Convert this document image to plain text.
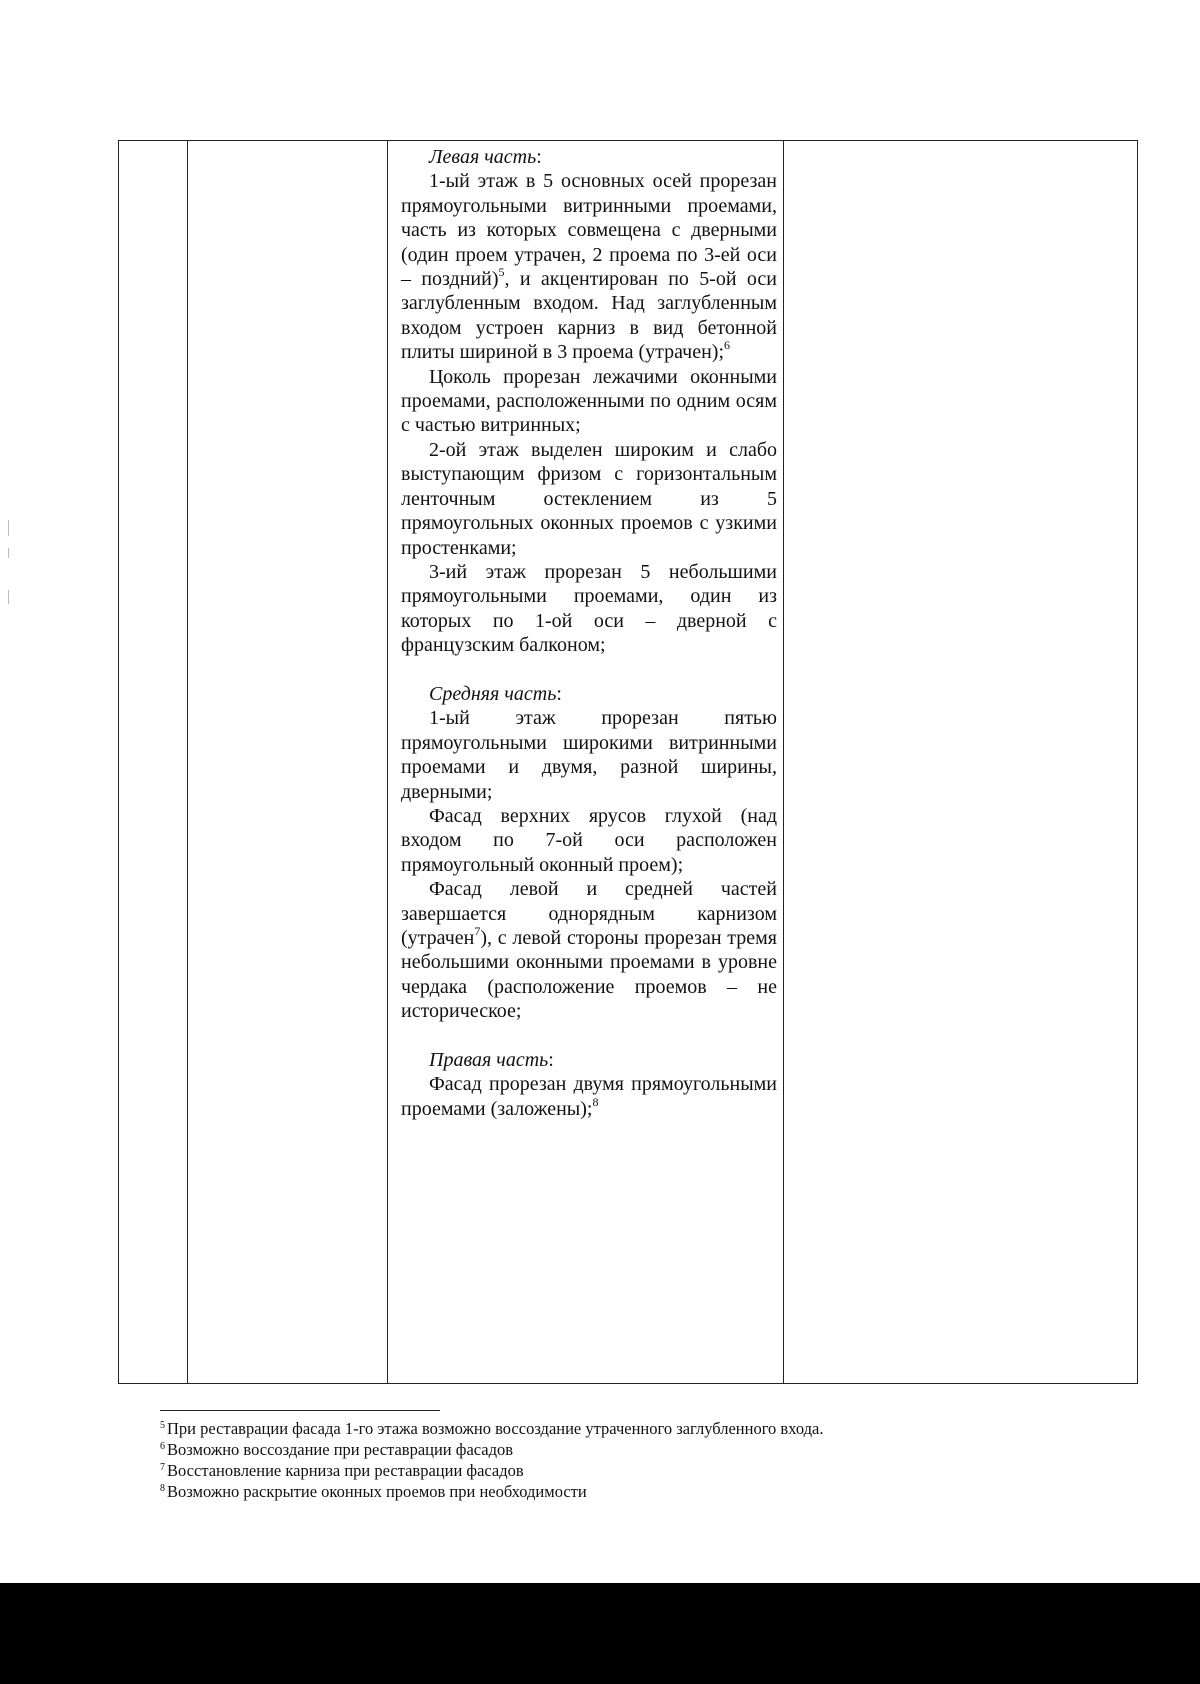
Левая часть:

1-ый этаж в 5 основных осей прорезан прямоугольными витринными проемами, часть из которых совмещена с дверными (один проем утрачен, 2 проема по 3-ей оси – поздний)$^5$, и акцентирован по 5-ой оси заглубленным входом. Над заглубленным входом устроен карниз в вид бетонной плиты шириной в 3 проема (утрачен);$^6$

Цоколь прорезан лежачими оконными проемами, расположенными по одним осям с частью витринных;

2-ой этаж выделен широким и слабо выступающим фризом с горизонтальным ленточным остеклением из 5 прямоугольных оконных проемов с узкими простенками;

3-ий этаж прорезан 5 небольшими прямоугольными проемами, один из которых по 1-ой оси – дверной с французским балконом;

Средняя часть:

1-ый этаж прорезан пятью прямоугольными широкими витринными проемами и двумя, разной ширины, дверными;

Фасад верхних ярусов глухой (над входом по 7-ой оси расположен прямоугольный оконный проем);

Фасад левой и средней частей завершается однорядным карнизом (утрачен$^7$), с левой стороны прорезан тремя небольшими оконными проемами в уровне чердака (расположение проемов – не историческое;

Правая часть:

Фасад прорезан двумя прямоугольными проемами (заложены);$^8$

$^5$ При реставрации фасада 1-го этажа возможно воссоздание утраченного заглубленного входа.

$^6$ Возможно воссоздание при реставрации фасадов

$^7$ Восстановление карниза при реставрации фасадов

$^8$ Возможно раскрытие оконных проемов при необходимости
